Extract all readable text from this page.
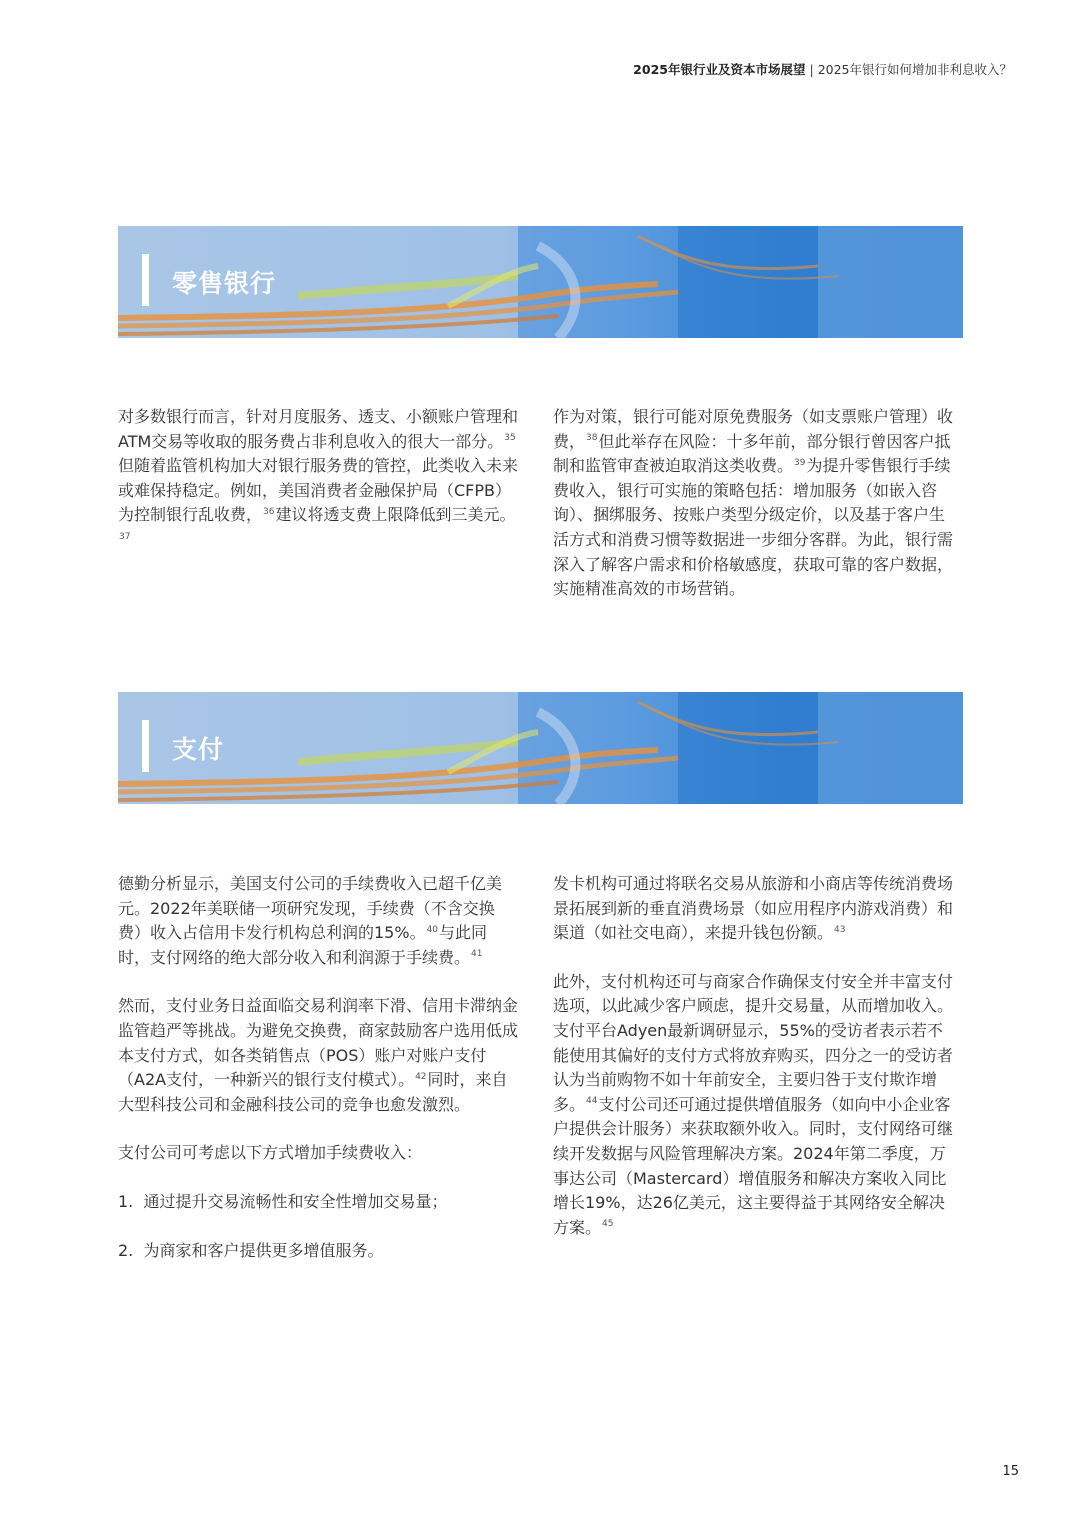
2025年银行业及资本市场展望 | 2025年银行如何增加非利息收入？
零售银行

对多数银行而言，针对月度服务、透支、小额账户管理和ATM交易等收取的服务费占非利息收入的很大一部分。$^{35}$但随着监管机构加大对银行服务费的管控，此类收入未来或难保持稳定。例如，美国消费者金融保护局（CFPB）为控制银行乱收费，$^{36}$建议将透支费上限降低到三美元。$^{37}$

作为对策，银行可能对原免费服务（如支票账户管理）收费，$^{38}$但此举存在风险：十多年前，部分银行曾因客户抵制和监管审查被迫取消这类收费。$^{39}$为提升零售银行手续费收入，银行可实施的策略包括：增加服务（如嵌入咨询）、捆绑服务、按账户类型分级定价，以及基于客户生活方式和消费习惯等数据进一步细分客群。为此，银行需深入了解客户需求和价格敏感度，获取可靠的客户数据，实施精准高效的市场营销。

支付

德勤分析显示，美国支付公司的手续费收入已超千亿美元。2022年美联储一项研究发现，手续费（不含交换费）收入占信用卡发行机构总利润的15%。$^{40}$与此同时，支付网络的绝大部分收入和利润源于手续费。$^{41}$

然而，支付业务日益面临交易利润率下滑、信用卡滞纳金监管趋严等挑战。为避免交换费，商家鼓励客户选用低成本支付方式，如各类销售点（POS）账户对账户支付（A2A支付，一种新兴的银行支付模式）。$^{42}$同时，来自大型科技公司和金融科技公司的竞争也愈发激烈。

支付公司可考虑以下方式增加手续费收入：

1. 通过提升交易流畅性和安全性增加交易量；

2. 为商家和客户提供更多增值服务。

发卡机构可通过将联名交易从旅游和小商店等传统消费场景拓展到新的垂直消费场景（如应用程序内游戏消费）和渠道（如社交电商），来提升钱包份额。$^{43}$

此外，支付机构还可与商家合作确保支付安全并丰富支付选项，以此减少客户顾虑，提升交易量，从而增加收入。支付平台Adyen最新调研显示，55%的受访者表示若不能使用其偏好的支付方式将放弃购买，四分之一的受访者认为当前购物不如十年前安全，主要归咎于支付欺诈增多。$^{44}$支付公司还可通过提供增值服务（如向中小企业客户提供会计服务）来获取额外收入。同时，支付网络可继续开发数据与风险管理解决方案。2024年第二季度，万事达公司（Mastercard）增值服务和解决方案收入同比增长19%，达26亿美元，这主要得益于其网络安全解决方案。$^{45}$

15
